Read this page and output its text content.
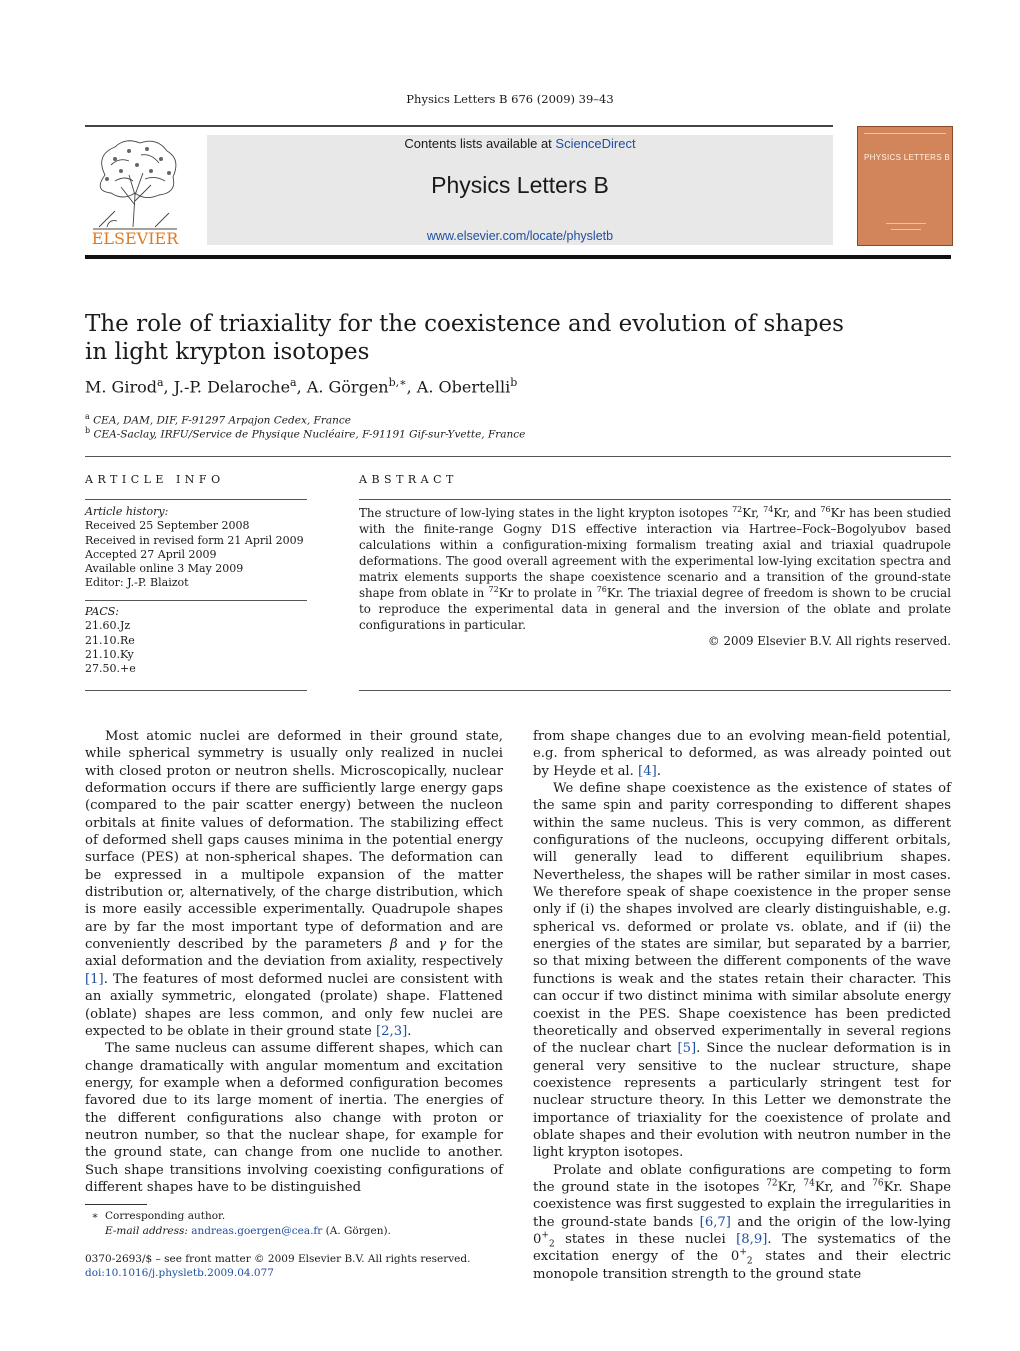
Physics Letters B 676 (2009) 39–43
Contents lists available at ScienceDirect
Physics Letters B
www.elsevier.com/locate/physletb
ELSEVIER
PHYSICS LETTERS B
The role of triaxiality for the coexistence and evolution of shapes
in light krypton isotopes
M. Girod$^a$, J.-P. Delaroche$^a$, A. Görgen$^{b,∗}$, A. Obertelli$^b$
$^a$ CEA, DAM, DIF, F-91297 Arpajon Cedex, France
$^b$ CEA-Saclay, IRFU/Service de Physique Nucléaire, F-91191 Gif-sur-Yvette, France
ARTICLE INFO
Article history:
Received 25 September 2008
Received in revised form 21 April 2009
Accepted 27 April 2009
Available online 3 May 2009
Editor: J.-P. Blaizot
PACS:
21.60.Jz
21.10.Re
21.10.Ky
27.50.+e
ABSTRACT
The structure of low-lying states in the light krypton isotopes $^{72}$Kr, $^{74}$Kr, and $^{76}$Kr has been studied with the finite-range Gogny D1S effective interaction via Hartree–Fock–Bogolyubov based calculations within a configuration-mixing formalism treating axial and triaxial quadrupole deformations. The good overall agreement with the experimental low-lying excitation spectra and matrix elements supports the shape coexistence scenario and a transition of the ground-state shape from oblate in $^{72}$Kr to prolate in $^{76}$Kr. The triaxial degree of freedom is shown to be crucial to reproduce the experimental data in general and the inversion of the oblate and prolate configurations in particular.
© 2009 Elsevier B.V. All rights reserved.

Most atomic nuclei are deformed in their ground state, while spherical symmetry is usually only realized in nuclei with closed proton or neutron shells. Microscopically, nuclear deformation occurs if there are sufficiently large energy gaps (compared to the pair scatter energy) between the nucleon orbitals at finite values of deformation. The stabilizing effect of deformed shell gaps causes minima in the potential energy surface (PES) at non-spherical shapes. The deformation can be expressed in a multipole expansion of the matter distribution or, alternatively, of the charge distribution, which is more easily accessible experimentally. Quadrupole shapes are by far the most important type of deformation and are conveniently described by the parameters β and γ for the axial deformation and the deviation from axiality, respectively [1]. The features of most deformed nuclei are consistent with an axially symmetric, elongated (prolate) shape. Flattened (oblate) shapes are less common, and only few nuclei are expected to be oblate in their ground state [2,3].

The same nucleus can assume different shapes, which can change dramatically with angular momentum and excitation energy, for example when a deformed configuration becomes favored due to its large moment of inertia. The energies of the different configurations also change with proton or neutron number, so that the nuclear shape, for example for the ground state, can change from one nuclide to another. Such shape transitions involving coexisting configurations of different shapes have to be distinguished

from shape changes due to an evolving mean-field potential, e.g. from spherical to deformed, as was already pointed out by Heyde et al. [4].

We define shape coexistence as the existence of states of the same spin and parity corresponding to different shapes within the same nucleus. This is very common, as different configurations of the nucleons, occupying different orbitals, will generally lead to different equilibrium shapes. Nevertheless, the shapes will be rather similar in most cases. We therefore speak of shape coexistence in the proper sense only if (i) the shapes involved are clearly distinguishable, e.g. spherical vs. deformed or prolate vs. oblate, and if (ii) the energies of the states are similar, but separated by a barrier, so that mixing between the different components of the wave functions is weak and the states retain their character. This can occur if two distinct minima with similar absolute energy coexist in the PES. Shape coexistence has been predicted theoretically and observed experimentally in several regions of the nuclear chart [5]. Since the nuclear deformation is in general very sensitive to the nuclear structure, shape coexistence represents a particularly stringent test for nuclear structure theory. In this Letter we demonstrate the importance of triaxiality for the coexistence of prolate and oblate shapes and their evolution with neutron number in the light krypton isotopes.

Prolate and oblate configurations are competing to form the ground state in the isotopes $^{72}$Kr, $^{74}$Kr, and $^{76}$Kr. Shape coexistence was first suggested to explain the irregularities in the ground-state bands [6,7] and the origin of the low-lying $0^+_2$ states in these nuclei [8,9]. The systematics of the excitation energy of the $0^+_2$ states and their electric monopole transition strength to the ground state

∗ Corresponding author.
E-mail address: andreas.goergen@cea.fr (A. Görgen).
0370-2693/$ – see front matter © 2009 Elsevier B.V. All rights reserved.
doi:10.1016/j.physletb.2009.04.077
